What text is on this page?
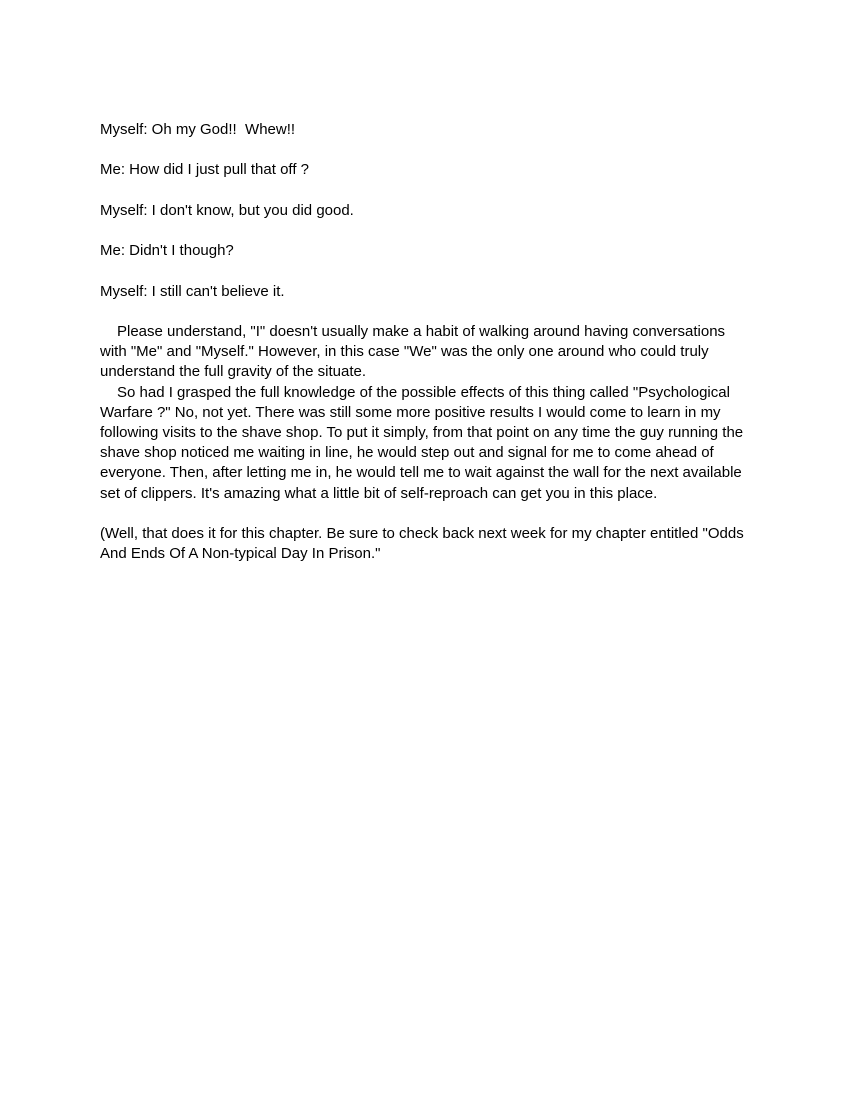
Myself: Oh my God!!  Whew!!

Me: How did I just pull that off ?

Myself: I don't know, but you did good.

Me: Didn't I though?

Myself: I still can't believe it.

Please understand, "I" doesn't usually make a habit of walking around having conversations with "Me" and "Myself." However, in this case "We" was the only one around who could truly understand the full gravity of the situate.

So had I grasped the full knowledge of the possible effects of this thing called "Psychological Warfare ?" No, not yet. There was still some more positive results I would come to learn in my following visits to the shave shop. To put it simply, from that point on any time the guy running the shave shop noticed me waiting in line, he would step out and signal for me to come ahead of everyone. Then, after letting me in, he would tell me to wait against the wall for the next available set of clippers. It's amazing what a little bit of self-reproach can get you in this place.

(Well, that does it for this chapter. Be sure to check back next week for my chapter entitled "Odds And Ends Of A Non-typical Day In Prison."
